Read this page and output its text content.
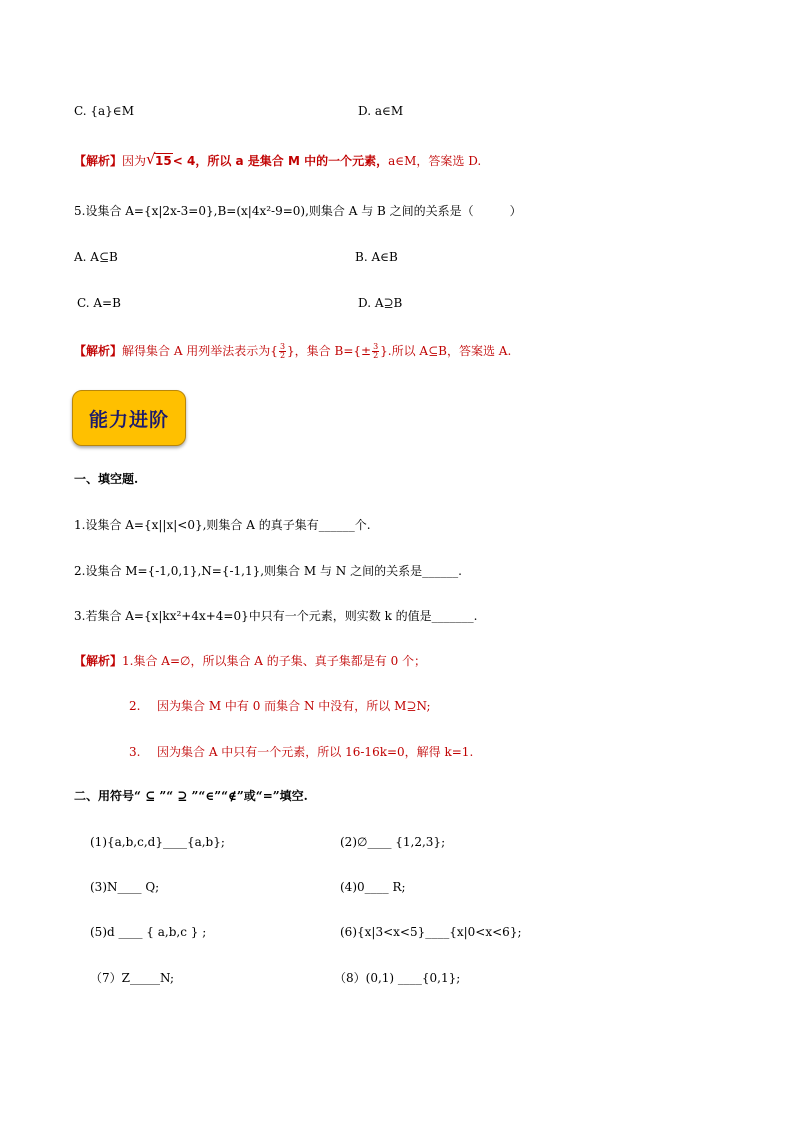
C. {a}∈M	D. a∈M
【解析】因为 √ 15< 4，所以 a 是集合 M 中的一个元素，a∈M，答案选 D.
5.设集合 A={x|2x-3=0},B=(x|4x²-9=0),则集合 A 与 B 之间的关系是（　　　）
A. A⊆B	B. A∈B
C. A=B	D. A⊇B
【解析】解得集合 A 用列举法表示为{ $\frac{3}{2}$ }，集合 $B=\{\pm \frac{3}{2}$ }.所以 A⊆B，答案选 A.
能力进阶
一、填空题.
1.设集合 A={x||x|<0},则集合 A 的真子集有______个.
2.设集合 M={-1,0,1},N={-1,1},则集合 M 与 N 之间的关系是______.
3.若集合 A={x|kx²+4x+4=0}中只有一个元素，则实数 k 的值是_______.
【解析】1.集合 A=∅，所以集合 A 的子集、真子集都是有 0 个；
2. 因为集合 M 中有 0 而集合 N 中没有，所以 M⊇N;
3. 因为集合 A 中只有一个元素，所以 16-16k=0，解得 k=1.
二、用符号“ ⊆ ”“ ⊇ ”“∈”“∉”或“=”填空.
(1){a,b,c,d}____{a,b};	(2)∅____ {1,2,3};
(3)N____ Q;	(4)0____ R;
(5)d ____ { a,b,c } ;	(6){x|3<x<5}____{x|0<x<6};
（7）Z_____N;	（8）(0,1) ____{0,1};
